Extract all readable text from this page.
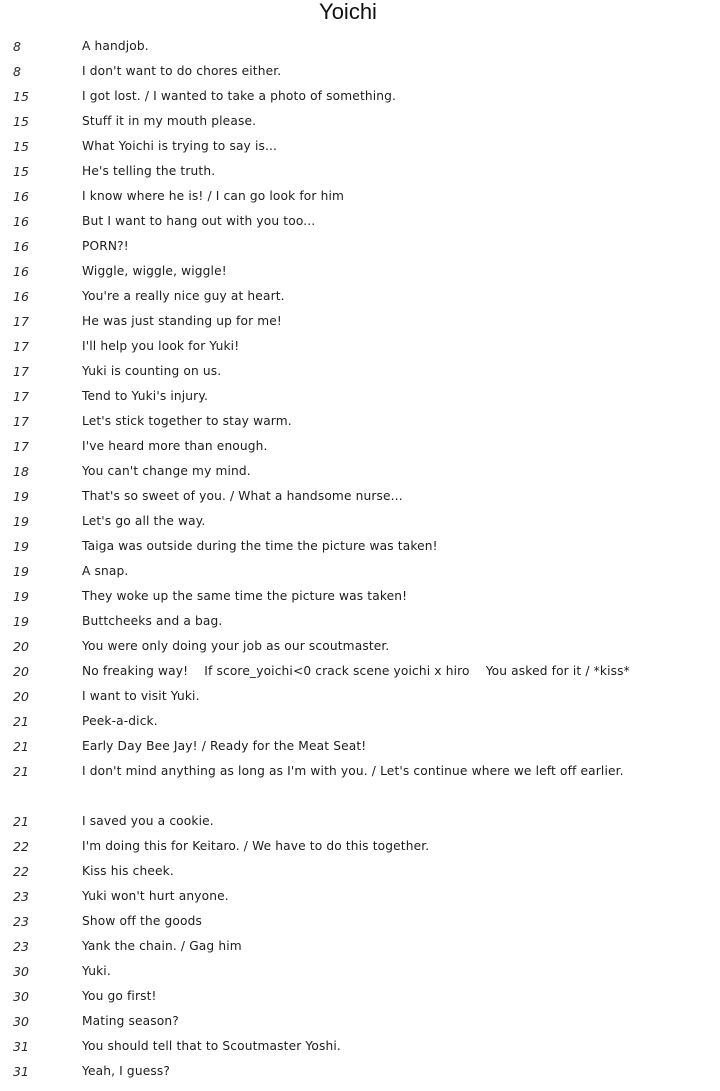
Yoichi
8	A handjob.
8	I don't want to do chores either.
15	I got lost. / I wanted to take a photo of something.
15	Stuff it in my mouth please.
15	What Yoichi is trying to say is...
15	He's telling the truth.
16	I know where he is! / I can go look for him
16	But I want to hang out with you too...
16	PORN?!
16	Wiggle, wiggle, wiggle!
16	You're a really nice guy at heart.
17	He was just standing up for me!
17	I'll help you look for Yuki!
17	Yuki is counting on us.
17	Tend to Yuki's injury.
17	Let's stick together to stay warm.
17	I've heard more than enough.
18	You can't change my mind.
19	That's so sweet of you. / What a handsome nurse...
19	Let's go all the way.
19	Taiga was outside during the time the picture was taken!
19	A snap.
19	They woke up the same time the picture was taken!
19	Buttcheeks and a bag.
20	You were only doing your job as our scoutmaster.
20	No freaking way!    If score_yoichi<0 crack scene yoichi x hiro    You asked for it / *kiss*
20	I want to visit Yuki.
21	Peek-a-dick.
21	Early Day Bee Jay! / Ready for the Meat Seat!
21	I don't mind anything as long as I'm with you. / Let's continue where we left off earlier.
21	I saved you a cookie.
22	I'm doing this for Keitaro. / We have to do this together.
22	Kiss his cheek.
23	Yuki won't hurt anyone.
23	Show off the goods
23	Yank the chain. / Gag him
30	Yuki.
30	You go first!
30	Mating season?
31	You should tell that to Scoutmaster Yoshi.
31	Yeah, I guess?
